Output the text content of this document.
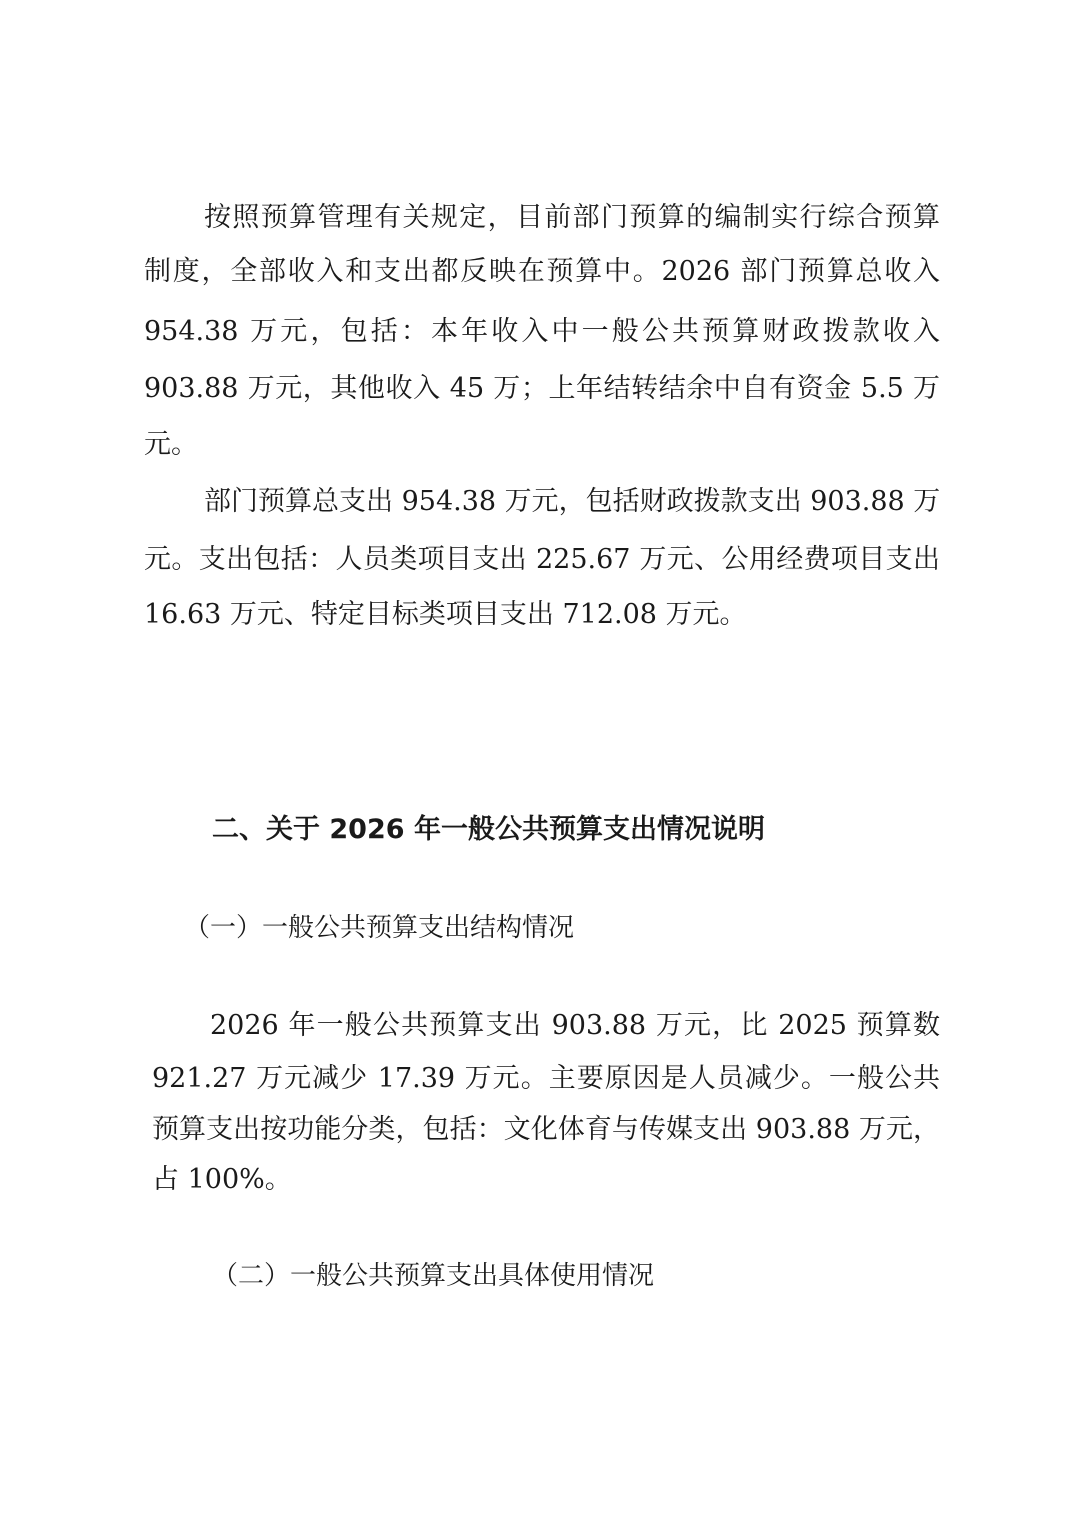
按照预算管理有关规定，目前部门预算的编制实行综合预算
制度，全部收入和支出都反映在预算中。2026 部门预算总收入
954.38 万元，包括：本年收入中一般公共预算财政拨款收入
903.88 万元，其他收入 45 万；上年结转结余中自有资金 5.5 万
元。
部门预算总支出 954.38 万元，包括财政拨款支出 903.88 万
元。支出包括：人员类项目支出 225.67 万元、公用经费项目支出
16.63 万元、特定目标类项目支出 712.08 万元。
二、关于 2026 年一般公共预算支出情况说明
（一）一般公共预算支出结构情况
2026 年一般公共预算支出 903.88 万元，比 2025 预算数
921.27 万元减少 17.39 万元。主要原因是人员减少。一般公共
预算支出按功能分类，包括：文化体育与传媒支出 903.88 万元，
占 100%。
（二）一般公共预算支出具体使用情况
